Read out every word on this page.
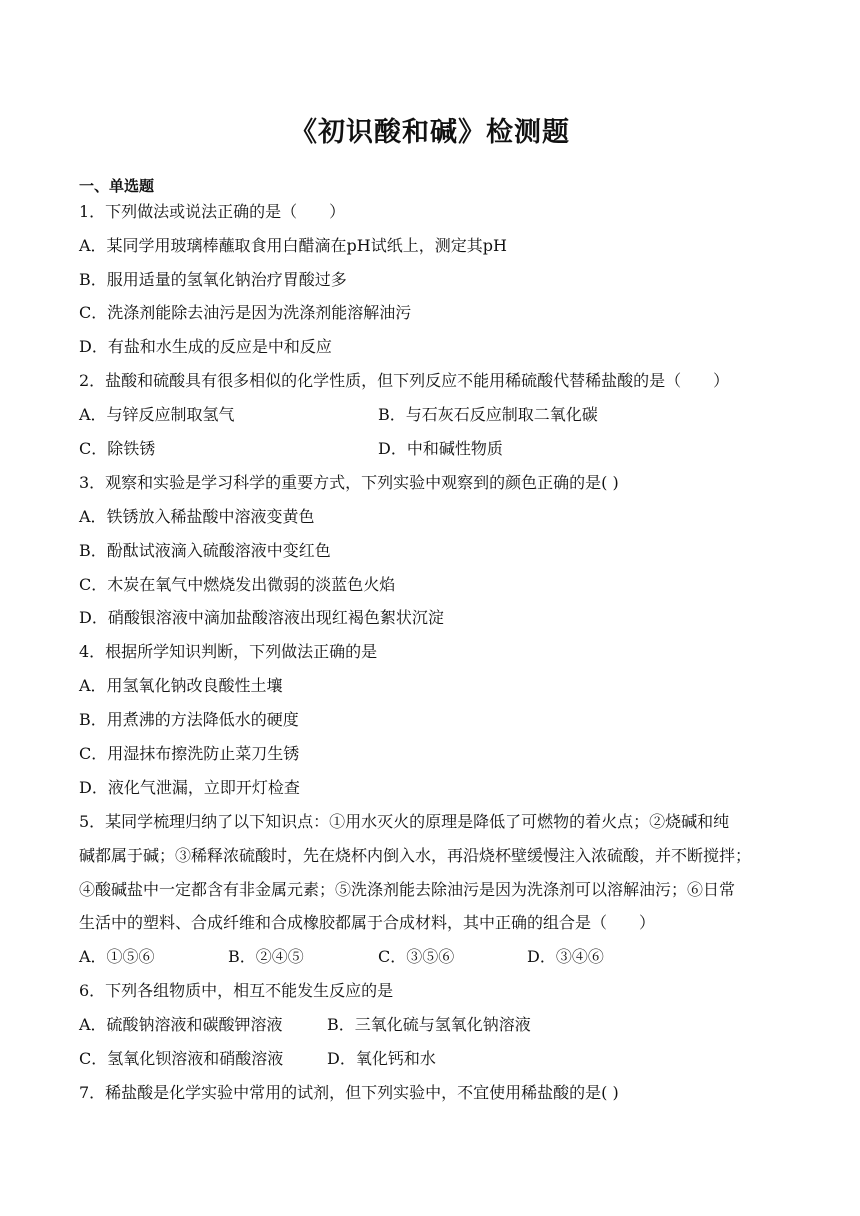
《初识酸和碱》检测题
一、单选题
1．下列做法或说法正确的是（　　）
A．某同学用玻璃棒蘸取食用白醋滴在pH试纸上，测定其pH
B．服用适量的氢氧化钠治疗胃酸过多
C．洗涤剂能除去油污是因为洗涤剂能溶解油污
D．有盐和水生成的反应是中和反应
2．盐酸和硫酸具有很多相似的化学性质，但下列反应不能用稀硫酸代替稀盐酸的是（　　）
A．与锌反应制取氢气	B．与石灰石反应制取二氧化碳
C．除铁锈	D．中和碱性物质
3．观察和实验是学习科学的重要方式，下列实验中观察到的颜色正确的是( )
A．铁锈放入稀盐酸中溶液变黄色
B．酚酞试液滴入硫酸溶液中变红色
C．木炭在氧气中燃烧发出微弱的淡蓝色火焰
D．硝酸银溶液中滴加盐酸溶液出现红褐色絮状沉淀
4．根据所学知识判断，下列做法正确的是
A．用氢氧化钠改良酸性土壤
B．用煮沸的方法降低水的硬度
C．用湿抹布擦洗防止菜刀生锈
D．液化气泄漏，立即开灯检查
5．某同学梳理归纳了以下知识点：①用水灭火的原理是降低了可燃物的着火点；②烧碱和纯
碱都属于碱；③稀释浓硫酸时，先在烧杯内倒入水，再沿烧杯壁缓慢注入浓硫酸，并不断搅拌；
④酸碱盐中一定都含有非金属元素；⑤洗涤剂能去除油污是因为洗涤剂可以溶解油污；⑥日常
生活中的塑料、合成纤维和合成橡胶都属于合成材料，其中正确的组合是（　　）
A．①⑤⑥	B．②④⑤	C．③⑤⑥	D．③④⑥
6．下列各组物质中，相互不能发生反应的是
A．硫酸钠溶液和碳酸钾溶液	B．三氧化硫与氢氧化钠溶液
C．氢氧化钡溶液和硝酸溶液	D．氧化钙和水
7．稀盐酸是化学实验中常用的试剂，但下列实验中，不宜使用稀盐酸的是( )
